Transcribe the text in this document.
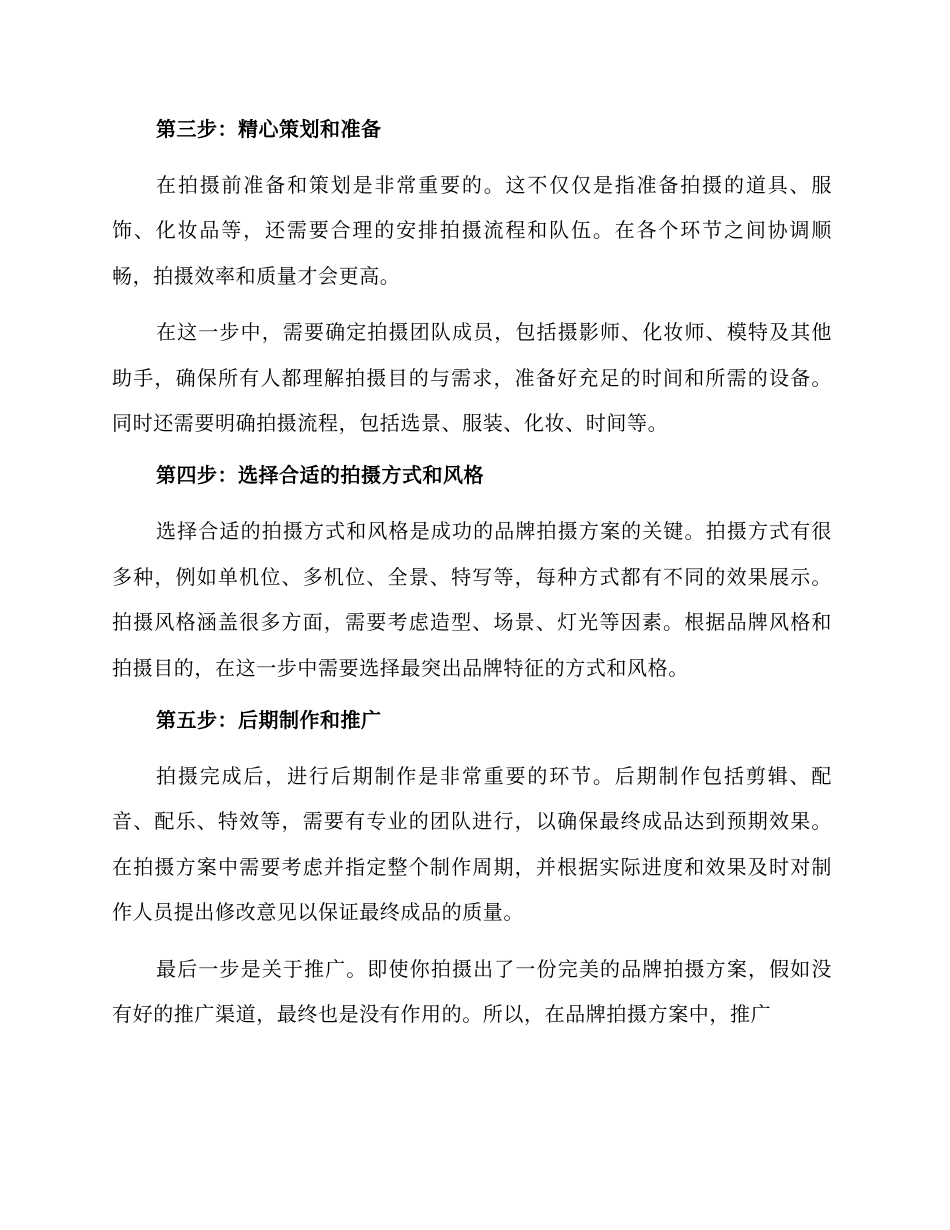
第三步：精心策划和准备

在拍摄前准备和策划是非常重要的。这不仅仅是指准备拍摄的道具、服饰、化妆品等，还需要合理的安排拍摄流程和队伍。在各个环节之间协调顺畅，拍摄效率和质量才会更高。

在这一步中，需要确定拍摄团队成员，包括摄影师、化妆师、模特及其他助手，确保所有人都理解拍摄目的与需求，准备好充足的时间和所需的设备。同时还需要明确拍摄流程，包括选景、服装、化妆、时间等。

第四步：选择合适的拍摄方式和风格

选择合适的拍摄方式和风格是成功的品牌拍摄方案的关键。拍摄方式有很多种，例如单机位、多机位、全景、特写等，每种方式都有不同的效果展示。拍摄风格涵盖很多方面，需要考虑造型、场景、灯光等因素。根据品牌风格和拍摄目的，在这一步中需要选择最突出品牌特征的方式和风格。

第五步：后期制作和推广

拍摄完成后，进行后期制作是非常重要的环节。后期制作包括剪辑、配音、配乐、特效等，需要有专业的团队进行，以确保最终成品达到预期效果。在拍摄方案中需要考虑并指定整个制作周期，并根据实际进度和效果及时对制作人员提出修改意见以保证最终成品的质量。

最后一步是关于推广。即使你拍摄出了一份完美的品牌拍摄方案，假如没有好的推广渠道，最终也是没有作用的。所以，在品牌拍摄方案中，推广
